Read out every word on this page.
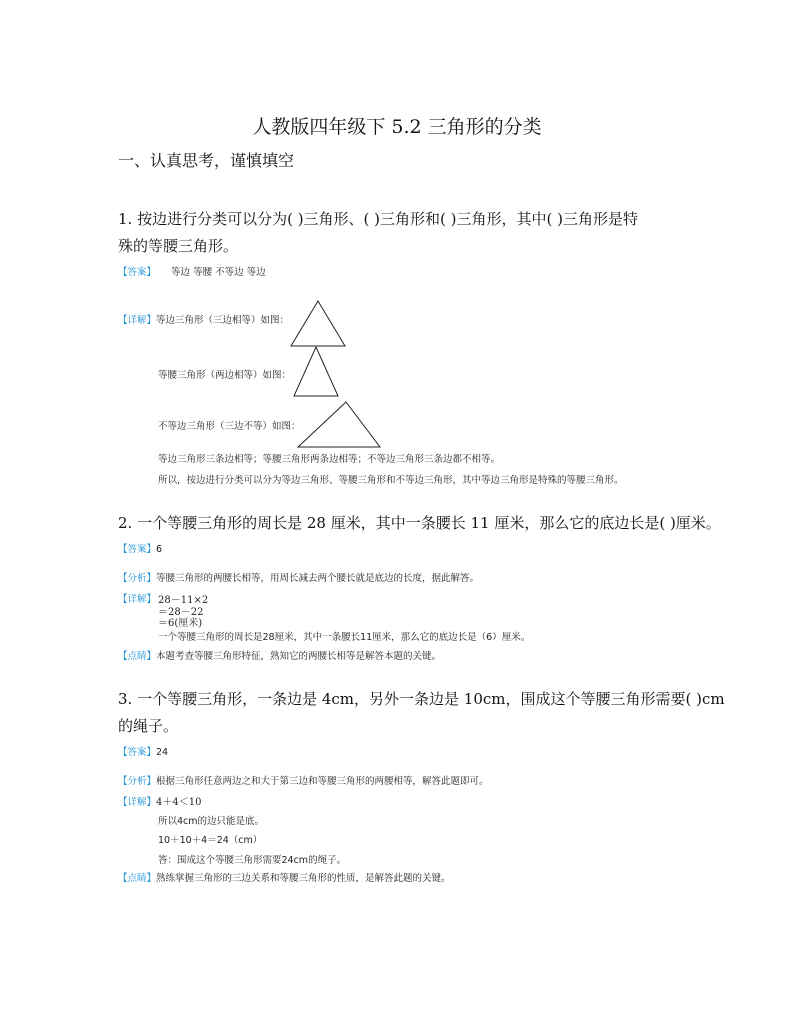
人教版四年级下 5.2 三角形的分类
一、认真思考，谨慎填空
1. 按边进行分类可以分为( )三角形、( )三角形和( )三角形，其中( )三角形是特
殊的等腰三角形。
【答案】 等边 等腰 不等边 等边
【详解】等边三角形（三边相等）如图：
等腰三角形（两边相等）如图：
不等边三角形（三边不等）如图：
等边三角形三条边相等；等腰三角形两条边相等；不等边三角形三条边都不相等。
所以，按边进行分类可以分为等边三角形、等腰三角形和不等边三角形，其中等边三角形是特殊的等腰三角形。
2. 一个等腰三角形的周长是 28 厘米，其中一条腰长 11 厘米，那么它的底边长是( )厘米。
【答案】6
【分析】等腰三角形的两腰长相等，用周长减去两个腰长就是底边的长度，据此解答。
【详解】 28－11×2
＝28－22
＝6(厘米)
一个等腰三角形的周长是28厘米，其中一条腰长11厘米，那么它的底边长是（6）厘米。
【点睛】本题考查等腰三角形特征，熟知它的两腰长相等是解答本题的关键。
3. 一个等腰三角形，一条边是 4cm，另外一条边是 10cm，围成这个等腰三角形需要( )cm
的绳子。
【答案】24
【分析】根据三角形任意两边之和大于第三边和等腰三角形的两腰相等，解答此题即可。
【详解】4＋4＜10
所以4cm的边只能是底。
10＋10＋4＝24（cm）
答：围成这个等腰三角形需要24cm的绳子。
【点睛】熟练掌握三角形的三边关系和等腰三角形的性质，是解答此题的关键。
